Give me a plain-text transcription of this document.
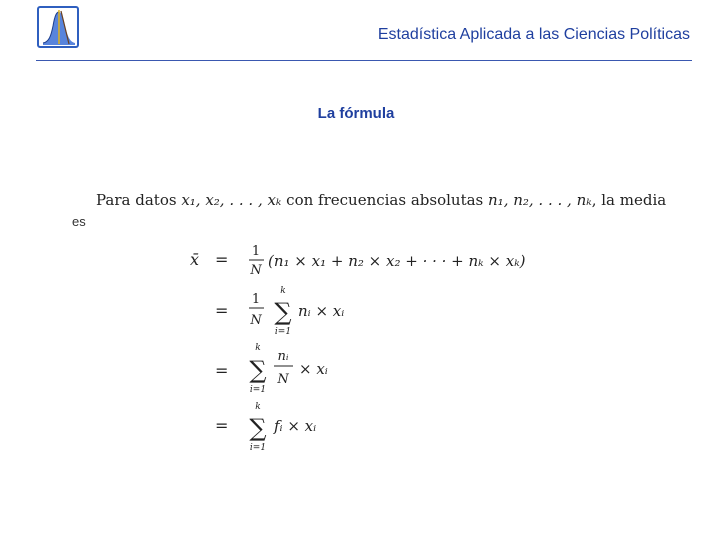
Estadística Aplicada a las Ciencias Políticas
La fórmula
Para datos x₁, x₂, . . . , xₖ con frecuencias absolutas n₁, n₂, . . . , nₖ, la media
es
x̄ = 1
N
(n₁ × x₁ + n₂ × x₂ + · · · + nₖ × xₖ)
=
1
N
k
∑
i=1
nᵢ × xᵢ
=
k
∑
i=1
nᵢ
N
× xᵢ
=
k
∑
i=1
fᵢ × xᵢ
